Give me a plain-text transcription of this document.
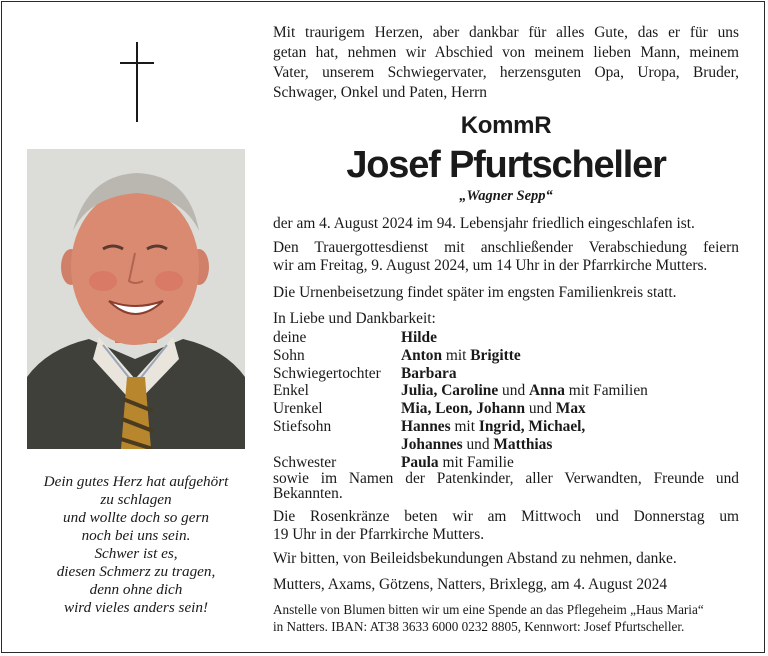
Dein gutes Herz hat aufgehört
zu schlagen
und wollte doch so gern
noch bei uns sein.
Schwer ist es,
diesen Schmerz zu tragen,
denn ohne dich
wird vieles anders sein!
Mit traurigem Herzen, aber dankbar für alles Gute, das er für uns
getan hat, nehmen wir Abschied von meinem lieben Mann, meinem
Vater, unserem Schwiegervater, herzensguten Opa, Uropa, Bruder,
Schwager, Onkel und Paten, Herrn
KommR
Josef Pfurtscheller
„Wagner Sepp“
der am 4. August 2024 im 94. Lebensjahr friedlich eingeschlafen ist.
Den Trauergottesdienst mit anschließender Verabschiedung feiern
wir am Freitag, 9. August 2024, um 14 Uhr in der Pfarrkirche Mutters.
Die Urnenbeisetzung findet später im engsten Familienkreis statt.
In Liebe und Dankbarkeit:
deine	Hilde
Sohn	Anton mit Brigitte
Schwiegertochter Barbara
Enkel	Julia, Caroline und Anna mit Familien
Urenkel	Mia, Leon, Johann und Max
Stiefsohn	Hannes mit Ingrid, Michael,
Johannes und Matthias
Schwester	Paula mit Familie
sowie im Namen der Patenkinder, aller Verwandten, Freunde und
Bekannten.
Die Rosenkränze beten wir am Mittwoch und Donnerstag um
19 Uhr in der Pfarrkirche Mutters.
Wir bitten, von Beileidsbekundungen Abstand zu nehmen, danke.
Mutters, Axams, Götzens, Natters, Brixlegg, am 4. August 2024
Anstelle von Blumen bitten wir um eine Spende an das Pflegeheim „Haus Maria“
in Natters. IBAN: AT38 3633 6000 0232 8805, Kennwort: Josef Pfurtscheller.
